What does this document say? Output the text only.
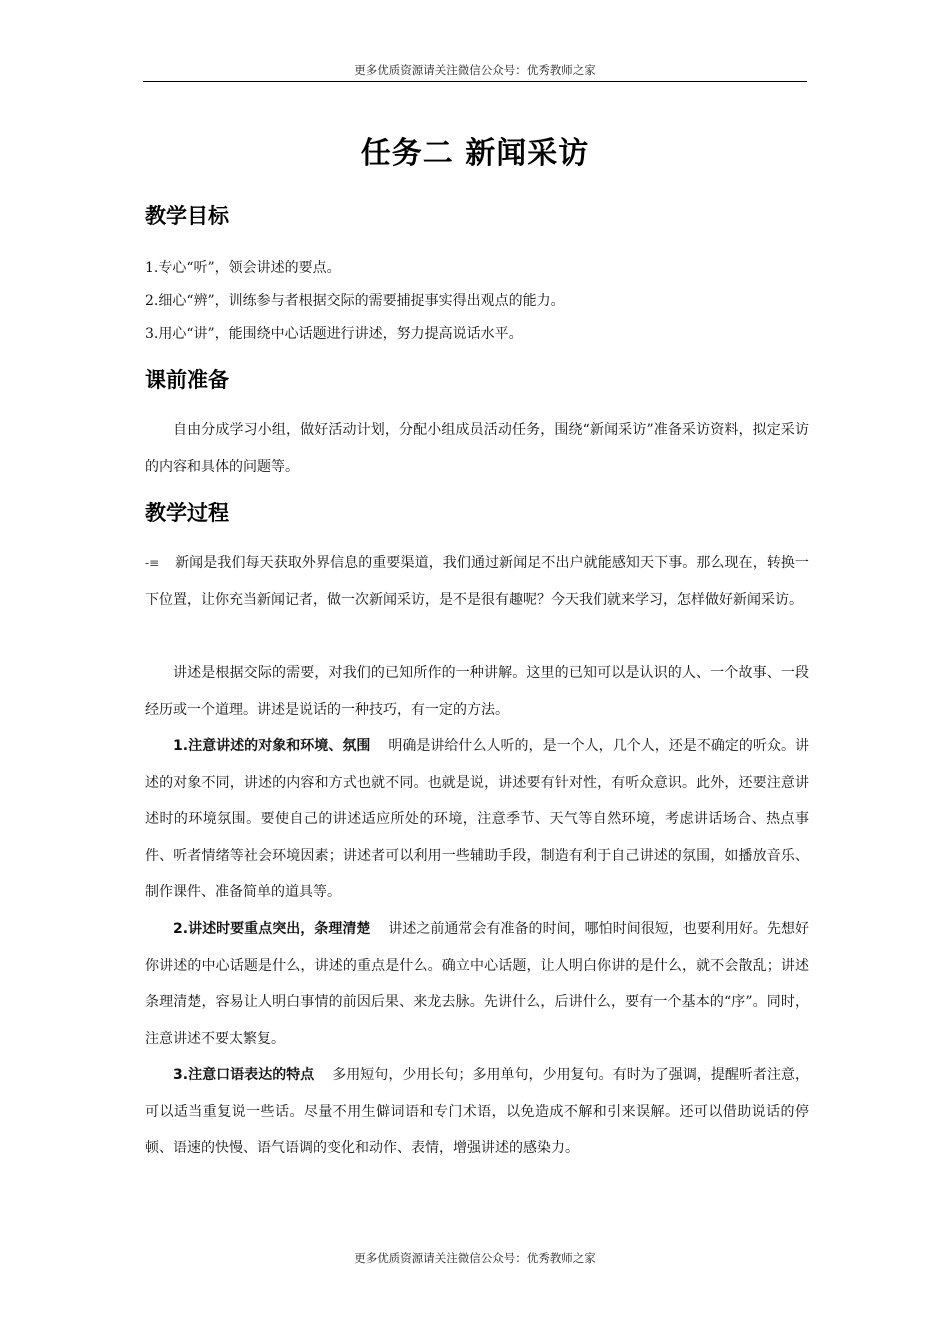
更多优质资源请关注微信公众号：优秀教师之家
任务二 新闻采访
教学目标
1.专心“听”，领会讲述的要点。
2.细心“辨”，训练参与者根据交际的需要捕捉事实得出观点的能力。
3.用心“讲”，能围绕中心话题进行讲述，努力提高说话水平。
课前准备

自由分成学习小组，做好活动计划，分配小组成员活动任务，围绕“新闻采访”准备采访资料，拟定采访的内容和具体的问题等。

教学过程

-≡ 新闻是我们每天获取外界信息的重要渠道，我们通过新闻足不出户就能感知天下事。那么现在，转换一下位置，让你充当新闻记者，做一次新闻采访，是不是很有趣呢？今天我们就来学习，怎样做好新闻采访。

讲述是根据交际的需要，对我们的已知所作的一种讲解。这里的已知可以是认识的人、一个故事、一段经历或一个道理。讲述是说话的一种技巧，有一定的方法。

1.注意讲述的对象和环境、氛围 明确是讲给什么人听的，是一个人，几个人，还是不确定的听众。讲述的对象不同，讲述的内容和方式也就不同。也就是说，讲述要有针对性，有听众意识。此外，还要注意讲述时的环境氛围。要使自己的讲述适应所处的环境，注意季节、天气等自然环境，考虑讲话场合、热点事件、听者情绪等社会环境因素；讲述者可以利用一些辅助手段，制造有利于自己讲述的氛围，如播放音乐、制作课件、准备简单的道具等。

2.讲述时要重点突出，条理清楚 讲述之前通常会有准备的时间，哪怕时间很短，也要利用好。先想好你讲述的中心话题是什么，讲述的重点是什么。确立中心话题，让人明白你讲的是什么，就不会散乱；讲述条理清楚，容易让人明白事情的前因后果、来龙去脉。先讲什么，后讲什么，要有一个基本的“序”。同时，注意讲述不要太繁复。

3.注意口语表达的特点 多用短句，少用长句；多用单句，少用复句。有时为了强调，提醒听者注意，可以适当重复说一些话。尽量不用生僻词语和专门术语，以免造成不解和引来误解。还可以借助说话的停顿、语速的快慢、语气语调的变化和动作、表情，增强讲述的感染力。

更多优质资源请关注微信公众号：优秀教师之家
